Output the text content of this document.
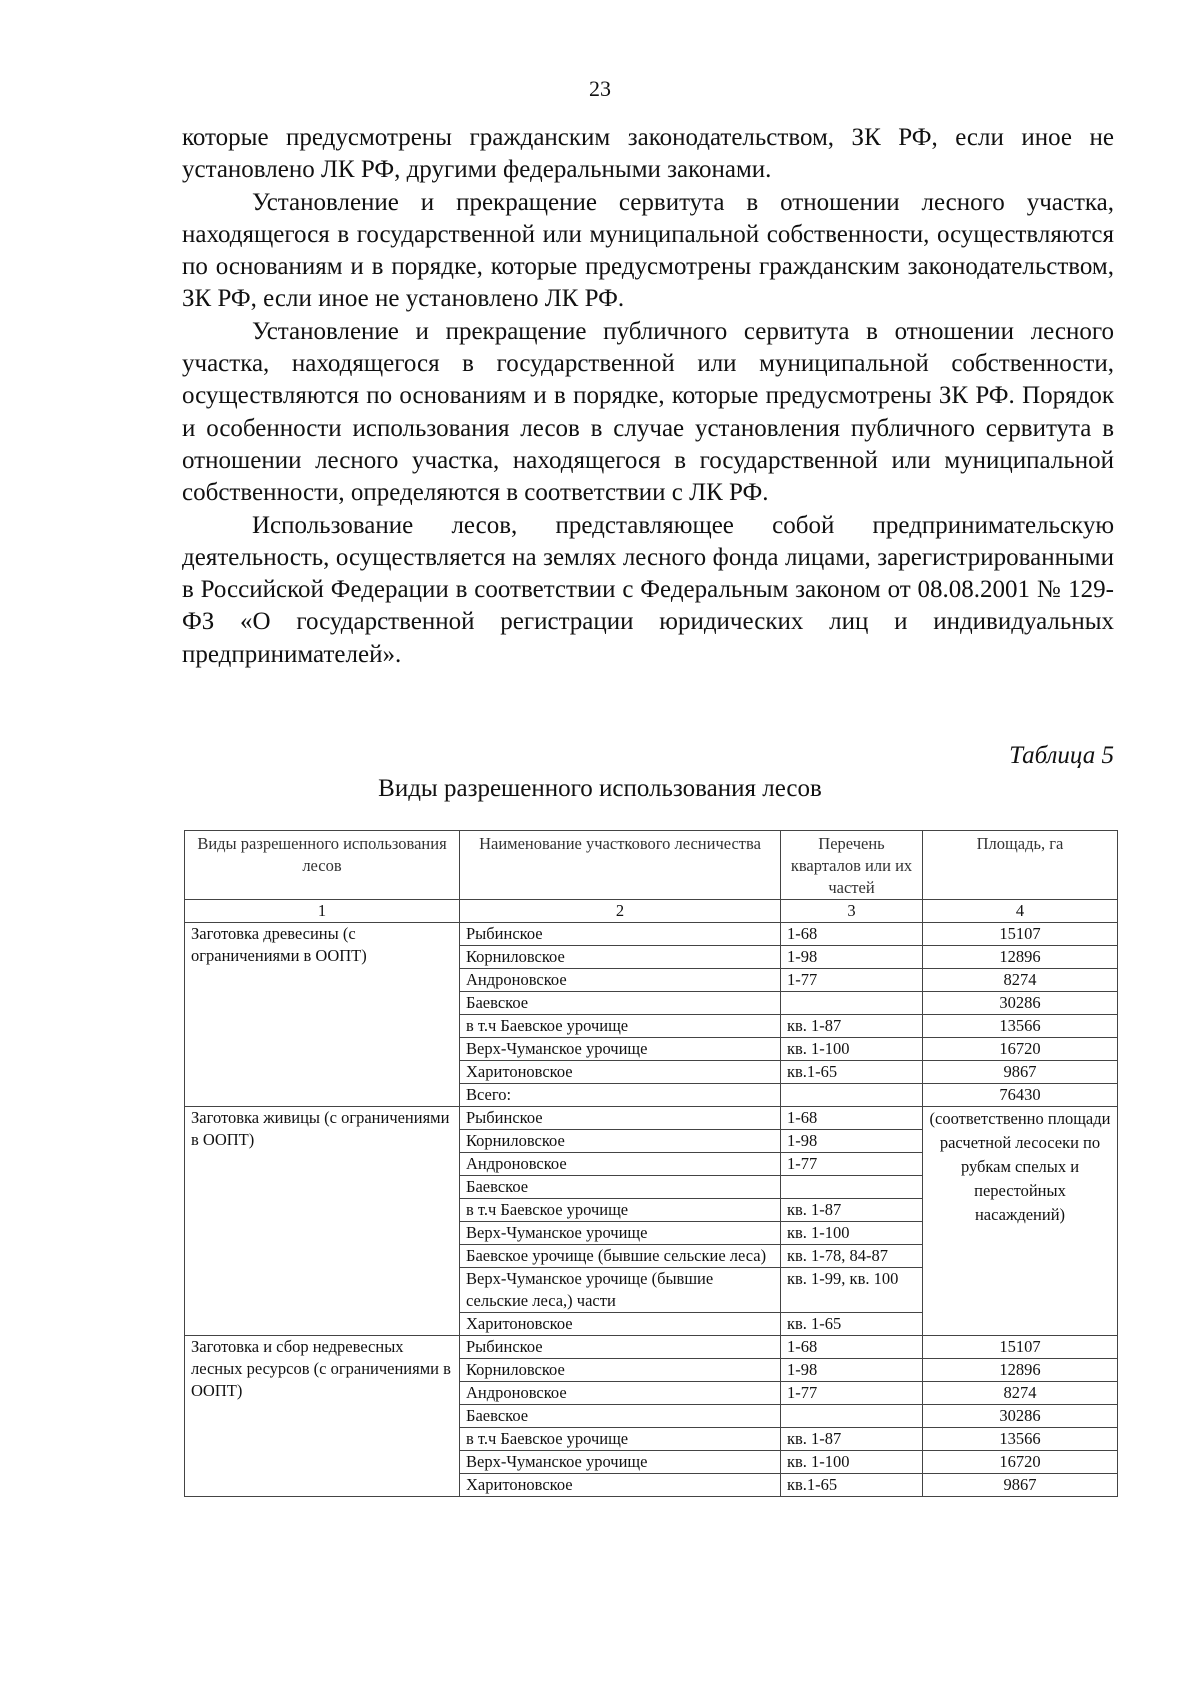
23

которые предусмотрены гражданским законодательством, ЗК РФ, если иное не установлено ЛК РФ, другими федеральными законами.

Установление и прекращение сервитута в отношении лесного участка, находящегося в государственной или муниципальной собственности, осуществляются по основаниям и в порядке, которые предусмотрены гражданским законодательством, ЗК РФ, если иное не установлено ЛК РФ.

Установление и прекращение публичного сервитута в отношении лесного участка, находящегося в государственной или муниципальной собственности, осуществляются по основаниям и в порядке, которые предусмотрены ЗК РФ. Порядок и особенности использования лесов в случае установления публичного сервитута в отношении лесного участка, находящегося в государственной или муниципальной собственности, определяются в соответствии с ЛК РФ.

Использование лесов, представляющее собой предпринимательскую деятельность, осуществляется на землях лесного фонда лицами, зарегистрированными в Российской Федерации в соответствии с Федеральным законом от 08.08.2001 № 129-ФЗ «О государственной регистрации юридических лиц и индивидуальных предпринимателей».

Таблица 5
Виды разрешенного использования лесов
Виды разрешенного использования лесов	Наименование участкового лесничества	Перечень кварталов или их частей	Площадь, га
1	2	3	4
Заготовка древесины (с ограничениями в ООПТ)	Рыбинское	1-68	15107
	Корниловское	1-98	12896
	Андроновское	1-77	8274
	Баевское		30286
	в т.ч Баевское урочище	кв. 1-87	13566
	Верх-Чуманское урочище	кв. 1-100	16720
	Харитоновское	кв.1-65	9867
	Всего:		76430
Заготовка живицы (с ограничениями в ООПТ)	Рыбинское	1-68	(соответственно площади расчетной лесосеки по рубкам спелых и перестойных насаждений)
	Корниловское	1-98	
	Андроновское	1-77	
	Баевское		
	в т.ч Баевское урочище	кв. 1-87	
	Верх-Чуманское урочище	кв. 1-100	
	Баевское урочище (бывшие сельские леса)	кв. 1-78, 84-87	
	Верх-Чуманское урочище (бывшие сельские леса,) части	кв. 1-99, кв. 100	
	Харитоновское	кв. 1-65	
Заготовка и сбор недревесных лесных ресурсов (с ограничениями в ООПТ)	Рыбинское	1-68	15107
	Корниловское	1-98	12896
	Андроновское	1-77	8274
	Баевское		30286
	в т.ч Баевское урочище	кв. 1-87	13566
	Верх-Чуманское урочище	кв. 1-100	16720
	Харитоновское	кв.1-65	9867
